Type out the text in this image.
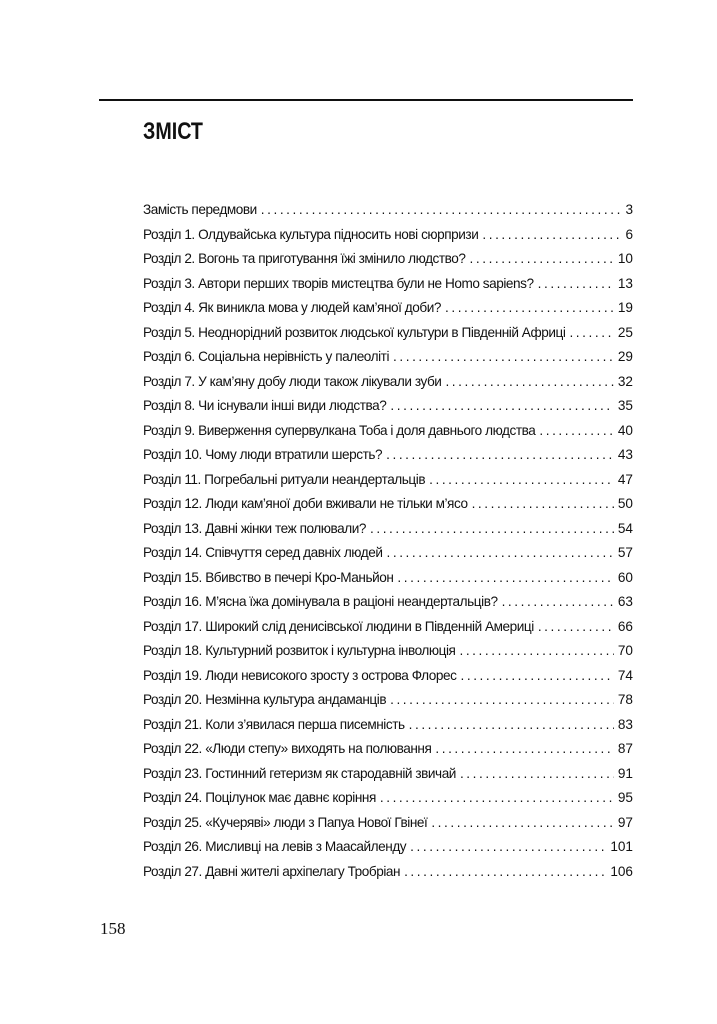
ЗМІСТ
Замість передмови . . .	3
Розділ 1. Олдувайська культура підносить нові сюрпризи . . .	6
Розділ 2. Вогонь та приготування їжі змінило людство? . . .	10
Розділ 3. Автори перших творів мистецтва були не Homo sapiens? . . .	13
Розділ 4. Як виникла мова у людей кам’яної доби? . . .	19
Розділ 5. Неоднорідний розвиток людської культури в Південній Африці . . .	25
Розділ 6. Соціальна нерівність у палеоліті . . .	29
Розділ 7. У кам’яну добу люди також лікували зуби . . .	32
Розділ 8. Чи існували інші види людства? . . .	35
Розділ 9. Виверження супервулкана Тоба і доля давнього людства . . .	40
Розділ 10. Чому люди втратили шерсть? . . .	43
Розділ 11. Погребальні ритуали неандертальців . . .	47
Розділ 12. Люди кам’яної доби вживали не тільки м’ясо . . .	50
Розділ 13. Давні жінки теж полювали? . . .	54
Розділ 14. Співчуття серед давніх людей . . .	57
Розділ 15. Вбивство в печері Кро-Маньйон . . .	60
Розділ 16. М’ясна їжа домінувала в раціоні неандертальців? . . .	63
Розділ 17. Широкий слід денисівської людини в Південній Америці . . .	66
Розділ 18. Культурний розвиток і культурна інволюція . . .	70
Розділ 19. Люди невисокого зросту з острова Флорес . . .	74
Розділ 20. Незмінна культура андаманців . . .	78
Розділ 21. Коли з’явилася перша писемність . . .	83
Розділ 22. «Люди степу» виходять на полювання . . .	87
Розділ 23. Гостинний гетеризм як стародавній звичай . . .	91
Розділ 24. Поцілунок має давнє коріння . . .	95
Розділ 25. «Кучеряві» люди з Папуа Нової Гвінеї . . .	97
Розділ 26. Мисливці на левів з Маасайленду . . .	101
Розділ 27. Давні жителі архіпелагу Тробріан . . .	106
158
